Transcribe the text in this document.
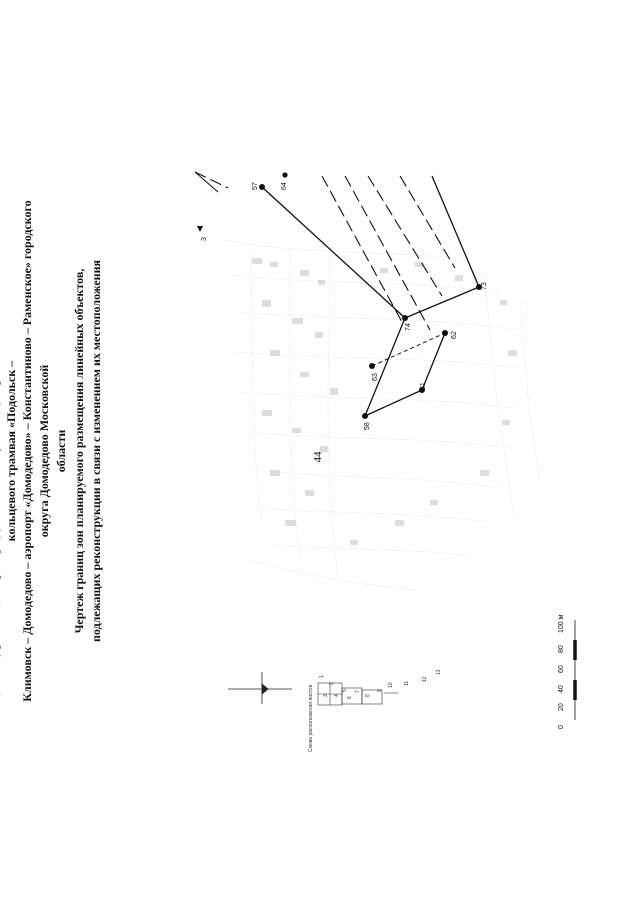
44

кольцевого трамвая «Подольск – Климовск – Домодедово – аэропорт «Домодедово» – Константиново – Раменское» городского округа Домодедово Московской области Чертеж границ зон планируемого размещения линейных объектов, подлежащих реконструкции в связи с изменением их местоположения

57	64
3
73
74
62
63
61
58
1
2
3 4
5
6
7
8
9
10 11
12
13
Схема расположения листов	0
20
40
60
80
100 м
